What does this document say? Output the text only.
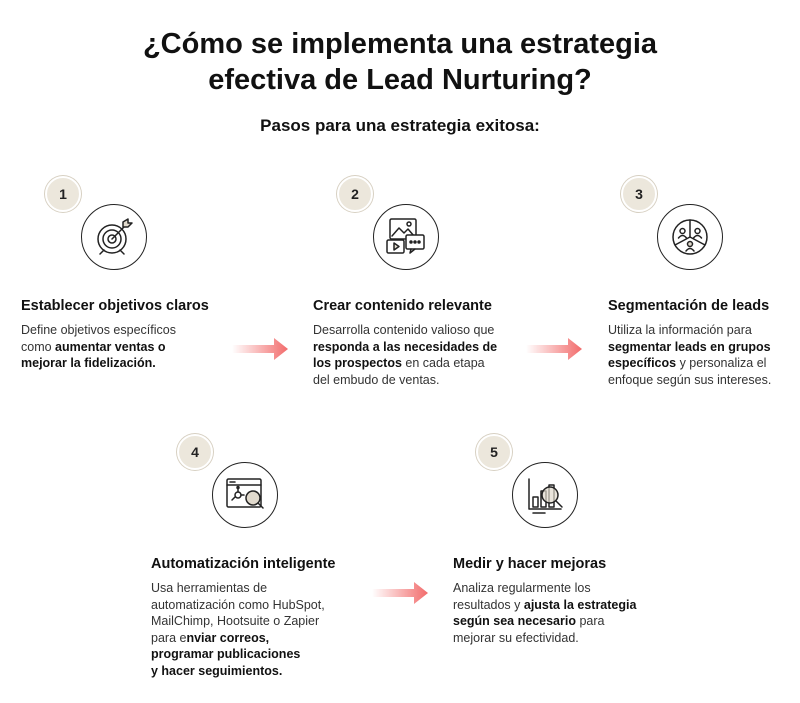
¿Cómo se implementa una estrategia
efectiva de Lead Nurturing?
Pasos para una estrategia exitosa:
1
Establecer objetivos claros
Define objetivos específicos
como aumentar ventas o
mejorar la fidelización.
2
Crear contenido relevante
Desarrolla contenido valioso que
responda a las necesidades de
los prospectos en cada etapa
del embudo de ventas.
3
Segmentación de leads
Utiliza la información para
segmentar leads en grupos
específicos y personaliza el
enfoque según sus intereses.
4
Automatización inteligente
Usa herramientas de
automatización como HubSpot,
MailChimp, Hootsuite o Zapier
para enviar correos,
programar publicaciones
y hacer seguimientos.
5
Medir y hacer mejoras
Analiza regularmente los
resultados y ajusta la estrategia
según sea necesario para
mejorar su efectividad.
